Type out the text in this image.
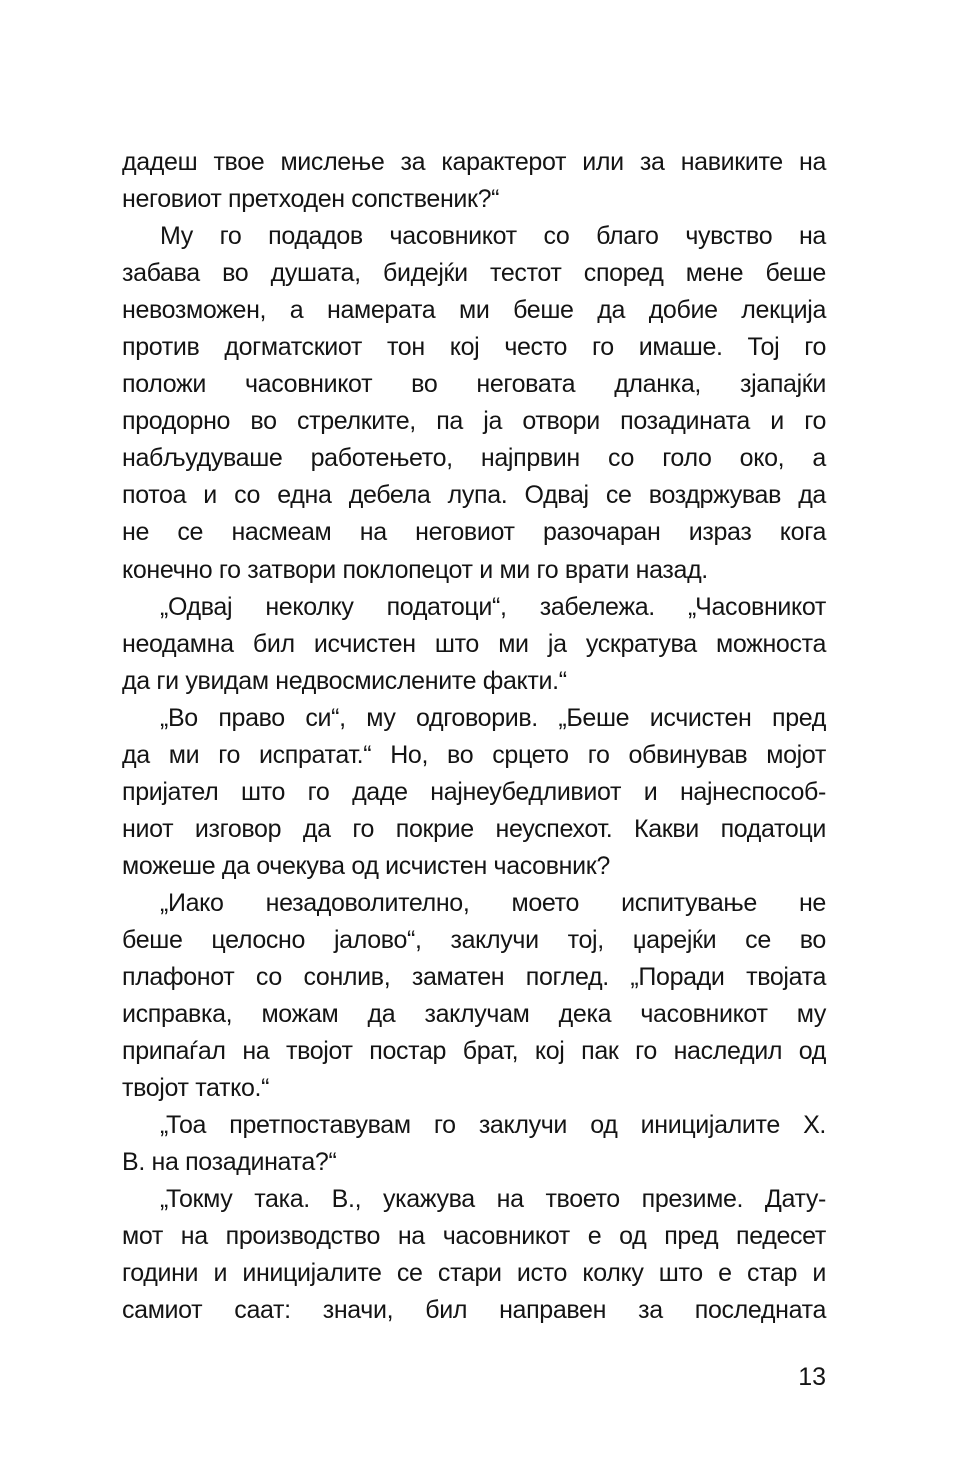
дадеш твое мислење за карактерот или за навиките на
неговиот претходен сопственик?“
Му го подадов часовникот со благо чувство на
забава во душата, бидејќи тестот според мене беше
невозможен, а намерата ми беше да добие лекција
против догматскиот тон кој често го имаше. Тој го
положи часовникот во неговата дланка, зјапајќи
продорно во стрелките, па ја отвори позадината и го
набљудуваше работењето, најпрвин со голо око, а
потоа и со една дебела лупа. Одвај се воздржував да
не се насмеам на неговиот разочаран израз кога
конечно го затвори поклопецот и ми го врати назад.
„Одвај неколку податоци“, забележа. „Часовникот
неодамна бил исчистен што ми ја ускратува можноста
да ги увидам недвосмислените факти.“
„Во право си“, му одговорив. „Беше исчистен пред
да ми го испратат.“ Но, во срцето го обвинував мојот
пријател што го даде најнеубедливиот и најнеспособ-
ниот изговор да го покрие неуспехот. Какви податоци
можеше да очекува од исчистен часовник?
„Иако незадоволително, моето испитување не
беше целосно јалово“, заклучи тој, џарејќи се во
плафонот со сонлив, заматен поглед. „Поради твојата
исправка, можам да заклучам дека часовникот му
припаѓал на твојот постар брат, кој пак го наследил од
твојот татко.“
„Тоа претпоставувам го заклучи од иницијалите Х.
В. на позадината?“
„Токму така. В., укажува на твоето презиме. Дату-
мот на производство на часовникот е од пред педесет
години и иницијалите се стари исто колку што е стар и
самиот саат: значи, бил направен за последната
13
